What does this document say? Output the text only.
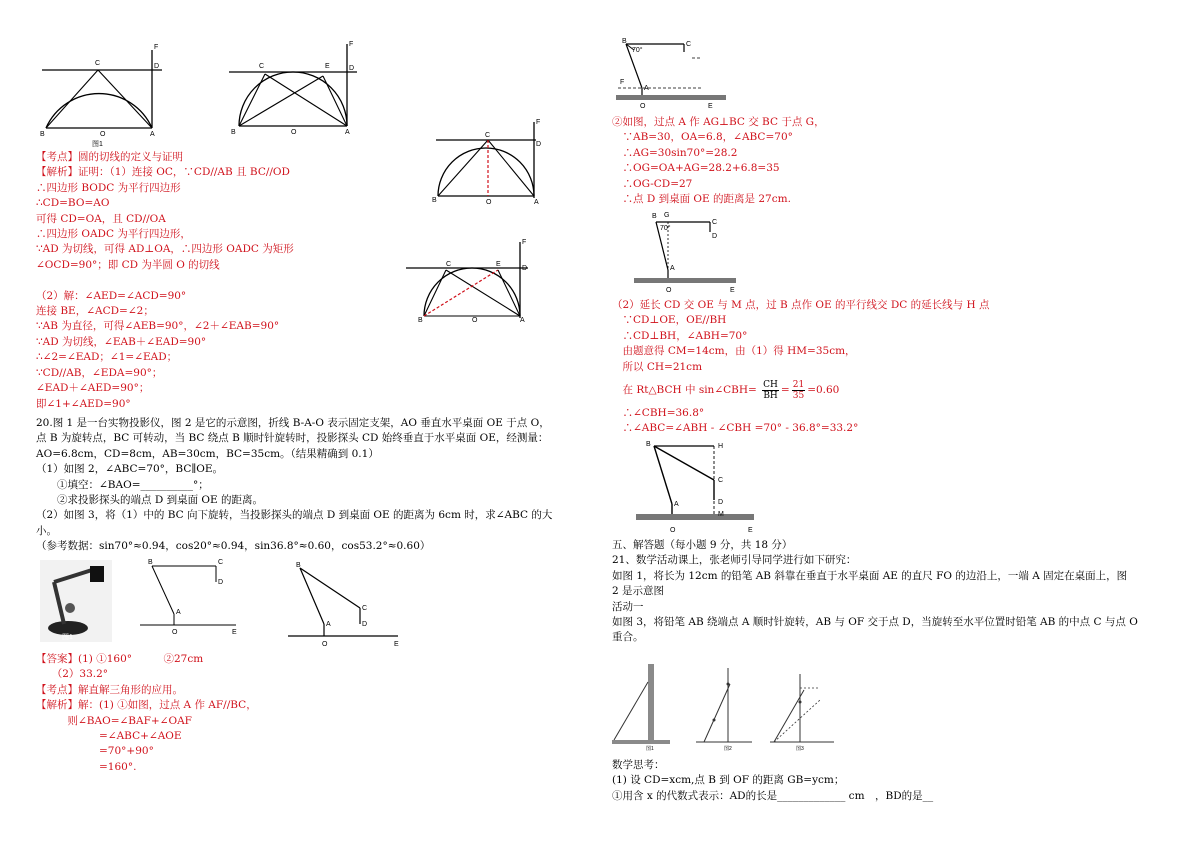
C
F
D
B	O	A
图1
C	E	D
F
B	O	A	C
F
D
B	O	A
C	E
F
D
B	O	A
【考点】圆的切线的定义与证明
【解析】证明：（1）连接 OC，∵CD//AB 且 BC//OD
∴四边形 BODC 为平行四边形
∴CD=BO=AO
可得 CD=OA，且 CD//OA
∴四边形 OADC 为平行四边形，
∵AD 为切线，可得 AD⊥OA，∴四边形 OADC 为矩形
∠OCD=90°；即 CD 为半圆 O 的切线

（2）解：∠AED=∠ACD=90°
连接 BE，∠ACD=∠2；
∵AB 为直径，可得∠AEB=90°，∠2＋∠EAB=90°
∵AD 为切线，∠EAB＋∠EAD=90°
∴∠2=∠EAD；∠1=∠EAD；
∵CD//AB，∠EDA=90°；
∠EAD＋∠AED=90°；
即∠1+∠AED=90°
20.图 1 是一台实物投影仪，图 2 是它的示意图，折线 B-A-O 表示固定支架，AO 垂直水平桌面 OE 于点 O，
点 B 为旋转点，BC 可转动，当 BC 绕点 B 顺时针旋转时，投影探头 CD 始终垂直于水平桌面 OE，经测量：
AO=6.8cm，CD=8cm，AB=30cm，BC=35cm。（结果精确到 0.1）
（1）如图 2，∠ABC=70°，BC∥OE。
　　①填空：∠BAO=__________°；
　　②求投影探头的端点 D 到桌面 OE 的距离。
（2）如图 3，将（1）中的 BC 向下旋转，当投影探头的端点 D 到桌面 OE 的距离为 6cm 时，求∠ABC 的大
小。
（参考数据：sin70°≈0.94，cos20°≈0.94，sin36.8°≈0.60，cos53.2°≈0.60）
图1
B	C
D
A
O	E
B
C
D
A
O	E
【答案】(1) ①160°　　　②27cm
　　（2）33.2°
【考点】解直解三角形的应用。
【解析】解：(1) ①如图，过点 A 作 AF//BC，
　　　则∠BAO=∠BAF+∠OAF
　　　　　　=∠ABC+∠AOE
　　　　　　=70°+90°
　　　　　　=160°.
B
70°
C
F
A
O	E
②如图，过点 A 作 AG⊥BC 交 BC 于点 G，
　∵AB=30，OA=6.8，∠ABC=70°
　∴AG=30sin70°=28.2
　∴OG=OA+AG=28.2+6.8=35
　∴OG-CD=27
　∴点 D 到桌面 OE 的距离是 27cm.
G
B
70°
C
D
A
O	E
（2）延长 CD 交 OE 与 M 点，过 B 点作 OE 的平行线交 DC 的延长线与 H 点
　∵CD⊥OE，OE//BH
　∴CD⊥BH，∠ABH=70°
　由题意得 CM=14cm，由（1）得 HM=35cm，
　所以 CH=21cm
　在 Rt△BCH 中 sin∠CBH= $\frac{CH}{BH} = \frac{21}{35} =0.60$
　∴∠CBH=36.8°
　∴∠ABC=∠ABH - ∠CBH =70° - 36.8°=33.2°
B	H
C
D
M
A
O	E
五、解答题（每小题 9 分，共 18 分）
21、数学活动课上，张老师引导同学进行如下研究：
如图 1，将长为 12cm 的铅笔 AB 斜靠在垂直于水平桌面 AE 的直尺 FO 的边沿上，一端 A 固定在桌面上，图
2 是示意图
活动一
如图 3，将铅笔 AB 绕端点 A 顺时针旋转，AB 与 OF 交于点 D，当旋转至水平位置时铅笔 AB 的中点 C 与点 O
重合。
图1	图2	图3
数学思考：
(1) 设 CD=xcm,点 B 到 OF 的距离 GB=ycm；
①用含 x 的代数式表示：AD的长是_____________ cm　，BD的是__
